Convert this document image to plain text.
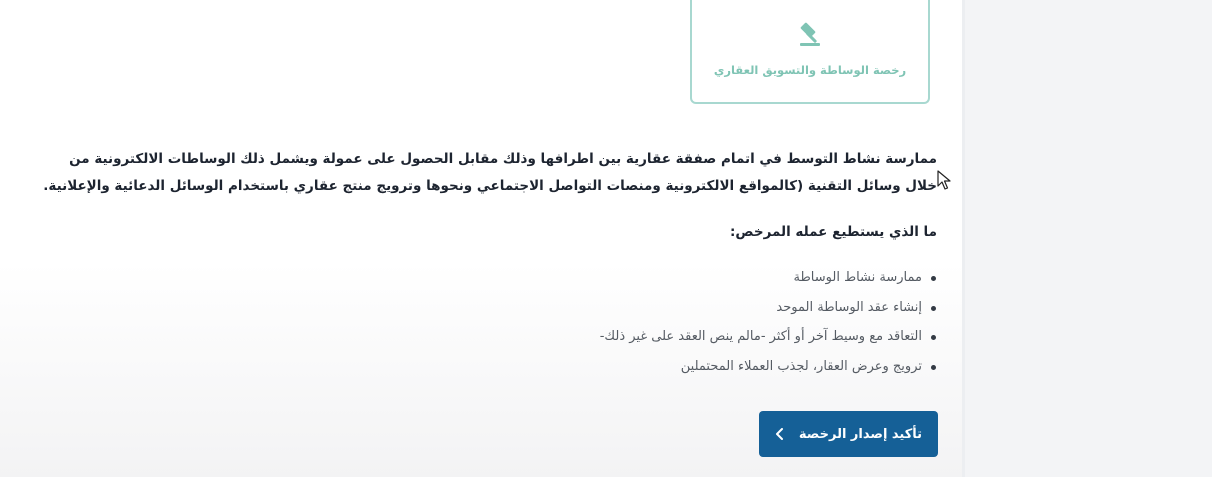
رخصة الوساطة والتسويق العقاري
ممارسة نشاط التوسط في اتمام صفقة عقارية بين اطرافها وذلك مقابل الحصول على عمولة ويشمل ذلك الوساطات الالكترونية من خلال وسائل التقنية (كالمواقع الالكترونية ومنصات التواصل الاجتماعي ونحوها وترويج منتج عقاري باستخدام الوسائل الدعائية والإعلانية.
ما الذي يستطيع عمله المرخص:
ممارسة نشاط الوساطة
إنشاء عقد الوساطة الموحد
التعاقد مع وسيط آخر أو أكثر -مالم ينص العقد على غير ذلك-
ترويج وعرض العقار، لجذب العملاء المحتملين
تأكيد إصدار الرخصة
